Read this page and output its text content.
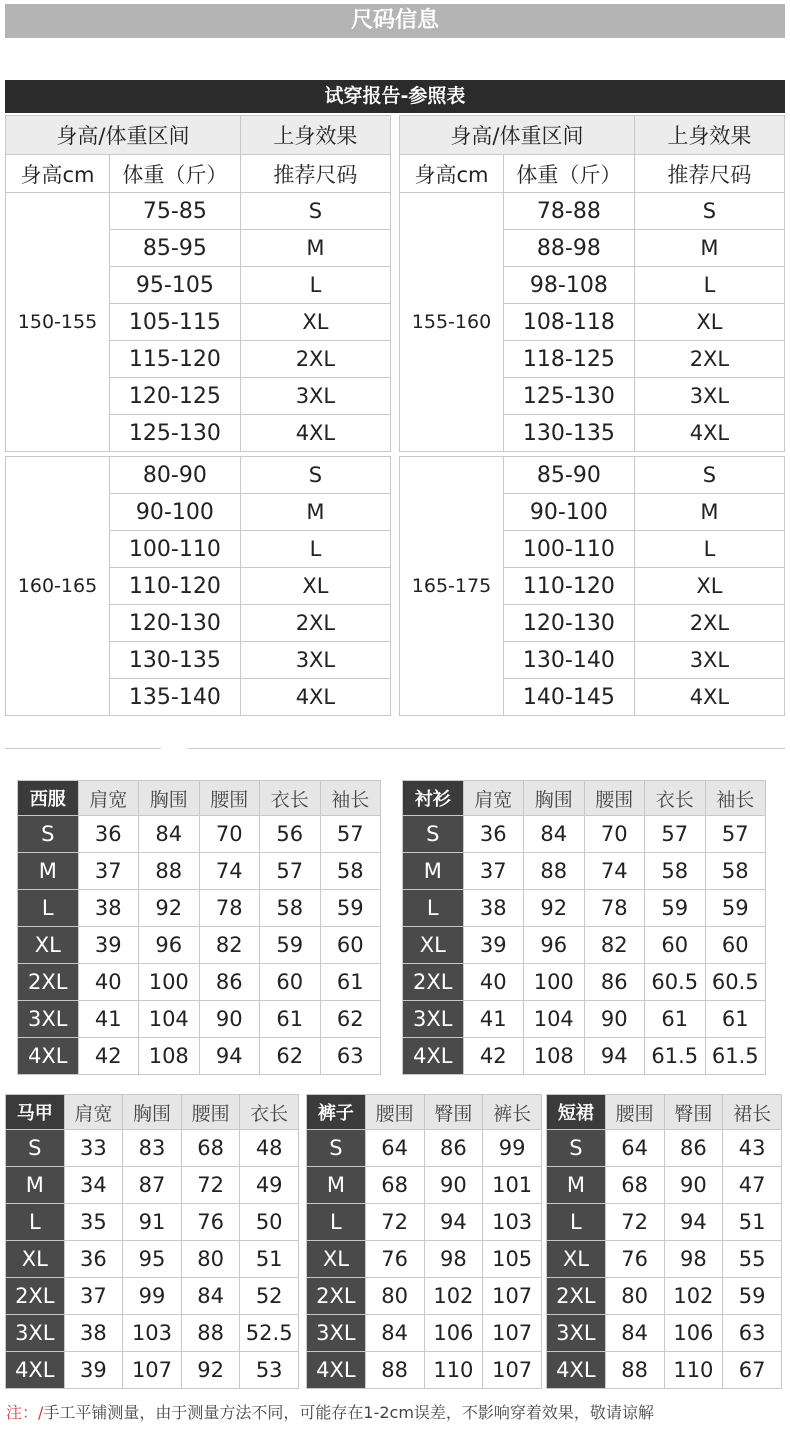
尺码信息
试穿报告-参照表
身高/体重区间		上身效果
身高cm	体重（斤）	推荐尺码
150-155	75-85	S
	85-95	M
	95-105	L
	105-115	XL
	115-120	2XL
	120-125	3XL
	125-130	4XL
身高/体重区间		上身效果
身高cm	体重（斤）	推荐尺码
155-160	78-88	S
	88-98	M
	98-108	L
	108-118	XL
	118-125	2XL
	125-130	3XL
	130-135	4XL
160-165	80-90	S
	90-100	M
	100-110	L
	110-120	XL
	120-130	2XL
	130-135	3XL
	135-140	4XL
165-175	85-90	S
	90-100	M
	100-110	L
	110-120	XL
	120-130	2XL
	130-140	3XL
	140-145	4XL
西服	肩宽	胸围	腰围	衣长	袖长
S	36	84	70	56	57
M	37	88	74	57	58
L	38	92	78	58	59
XL	39	96	82	59	60
2XL	40	100	86	60	61
3XL	41	104	90	61	62
4XL	42	108	94	62	63
衬衫	肩宽	胸围	腰围	衣长	袖长
S	36	84	70	57	57
M	37	88	74	58	58
L	38	92	78	59	59
XL	39	96	82	60	60
2XL	40	100	86	60.5	60.5
3XL	41	104	90	61	61
4XL	42	108	94	61.5	61.5
马甲	肩宽	胸围	腰围	衣长
S	33	83	68	48
M	34	87	72	49
L	35	91	76	50
XL	36	95	80	51
2XL	37	99	84	52
3XL	38	103	88	52.5
4XL	39	107	92	53
裤子	腰围	臀围	裤长
S	64	86	99
M	68	90	101
L	72	94	103
XL	76	98	105
2XL	80	102	107
3XL	84	106	107
4XL	88	110	107
短裙	腰围	臀围	裙长
S	64	86	43
M	68	90	47
L	72	94	51
XL	76	98	55
2XL	80	102	59
3XL	84	106	63
4XL	88	110	67
注：/手工平铺测量，由于测量方法不同，可能存在1-2cm误差，不影响穿着效果，敬请谅解
